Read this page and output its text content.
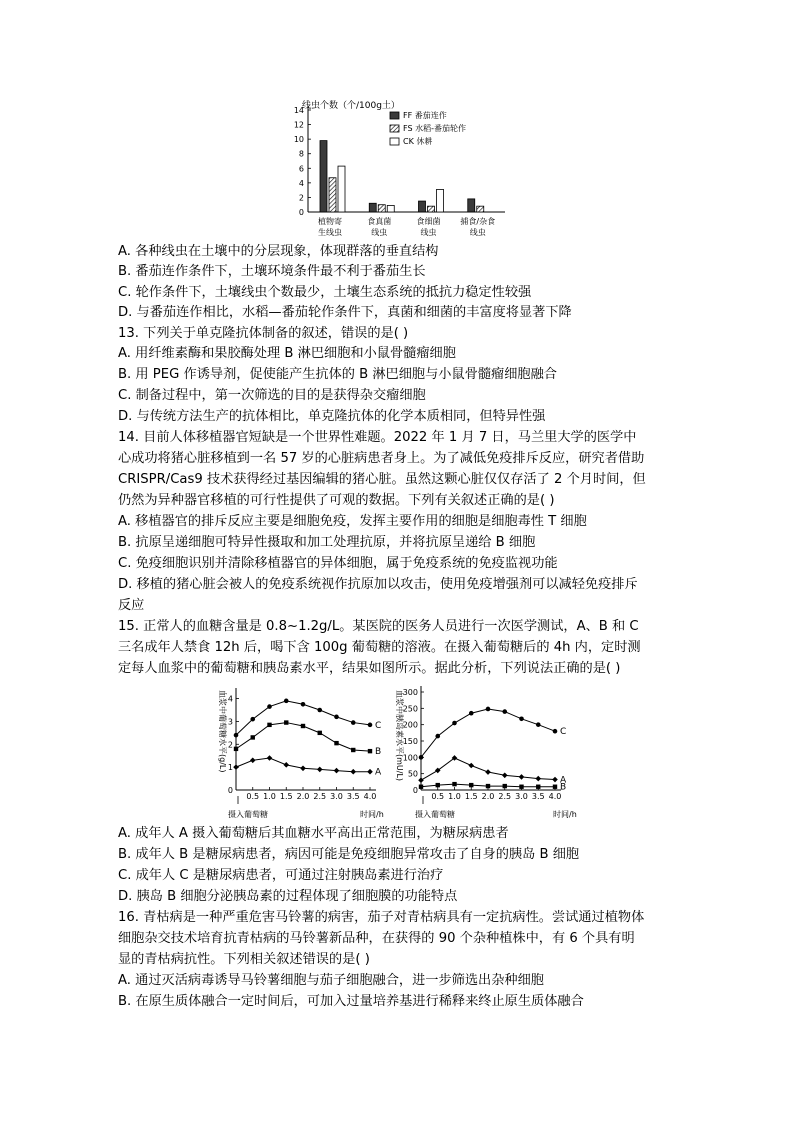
线虫个数（个/100g土）
0
2
4
6
8
10
12
14
FF 番茄连作
FS 水稻-番茄轮作
CK 休耕
植物寄
生线虫
食真菌
线虫
食细菌
线虫
捕食/杂食
线虫
A. 各种线虫在土壤中的分层现象，体现群落的垂直结构
B. 番茄连作条件下，土壤环境条件最不利于番茄生长
C. 轮作条件下，土壤线虫个数最少，土壤生态系统的抵抗力稳定性较强
D. 与番茄连作相比，水稻—番茄轮作条件下，真菌和细菌的丰富度将显著下降
13. 下列关于单克隆抗体制备的叙述，错误的是( )
A. 用纤维素酶和果胶酶处理 B 淋巴细胞和小鼠骨髓瘤细胞
B. 用 PEG 作诱导剂，促使能产生抗体的 B 淋巴细胞与小鼠骨髓瘤细胞融合
C. 制备过程中，第一次筛选的目的是获得杂交瘤细胞
D. 与传统方法生产的抗体相比，单克隆抗体的化学本质相同，但特异性强
14. 目前人体移植器官短缺是一个世界性难题。2022 年 1 月 7 日，马兰里大学的医学中
心成功将猪心脏移植到一名 57 岁的心脏病患者身上。为了减低免疫排斥反应，研究者借助
CRISPR/Cas9 技术获得经过基因编辑的猪心脏。虽然这颗心脏仅仅存活了 2 个月时间，但
仍然为异种器官移植的可行性提供了可观的数据。下列有关叙述正确的是( )
A. 移植器官的排斥反应主要是细胞免疫，发挥主要作用的细胞是细胞毒性 T 细胞
B. 抗原呈递细胞可特异性摄取和加工处理抗原，并将抗原呈递给 B 细胞
C. 免疫细胞识别并清除移植器官的异体细胞，属于免疫系统的免疫监视功能
D. 移植的猪心脏会被人的免疫系统视作抗原加以攻击，使用免疫增强剂可以减轻免疫排斥
反应
15. 正常人的血糖含量是 0.8~1.2g/L。某医院的医务人员进行一次医学测试，A、B 和 C
三名成年人禁食 12h 后，喝下含 100g 葡萄糖的溶液。在摄入葡萄糖后的 4h 内，定时测
定每人血浆中的葡萄糖和胰岛素水平，结果如图所示。据此分析，下列说法正确的是( )
0
1
2
3
4
0.5 1.0 1.5 2.0 2.5 3.0 3.5 4.0
C
B
A
血浆中葡萄糖水平(g/L)
摄入葡萄糖	时间/h
0
50
100
150
200
250
300
0.5 1.0 1.5 2.0 2.5 3.0 3.5 4.0
C
A
B
血浆中胰岛素水平(mU/L)
摄入葡萄糖	时间/h
A. 成年人 A 摄入葡萄糖后其血糖水平高出正常范围，为糖尿病患者
B. 成年人 B 是糖尿病患者，病因可能是免疫细胞异常攻击了自身的胰岛 B 细胞
C. 成年人 C 是糖尿病患者，可通过注射胰岛素进行治疗
D. 胰岛 B 细胞分泌胰岛素的过程体现了细胞膜的功能特点
16. 青枯病是一种严重危害马铃薯的病害，茄子对青枯病具有一定抗病性。尝试通过植物体
细胞杂交技术培育抗青枯病的马铃薯新品种，在获得的 90 个杂种植株中，有 6 个具有明
显的青枯病抗性。下列相关叙述错误的是( )
A. 通过灭活病毒诱导马铃薯细胞与茄子细胞融合，进一步筛选出杂种细胞
B. 在原生质体融合一定时间后，可加入过量培养基进行稀释来终止原生质体融合
